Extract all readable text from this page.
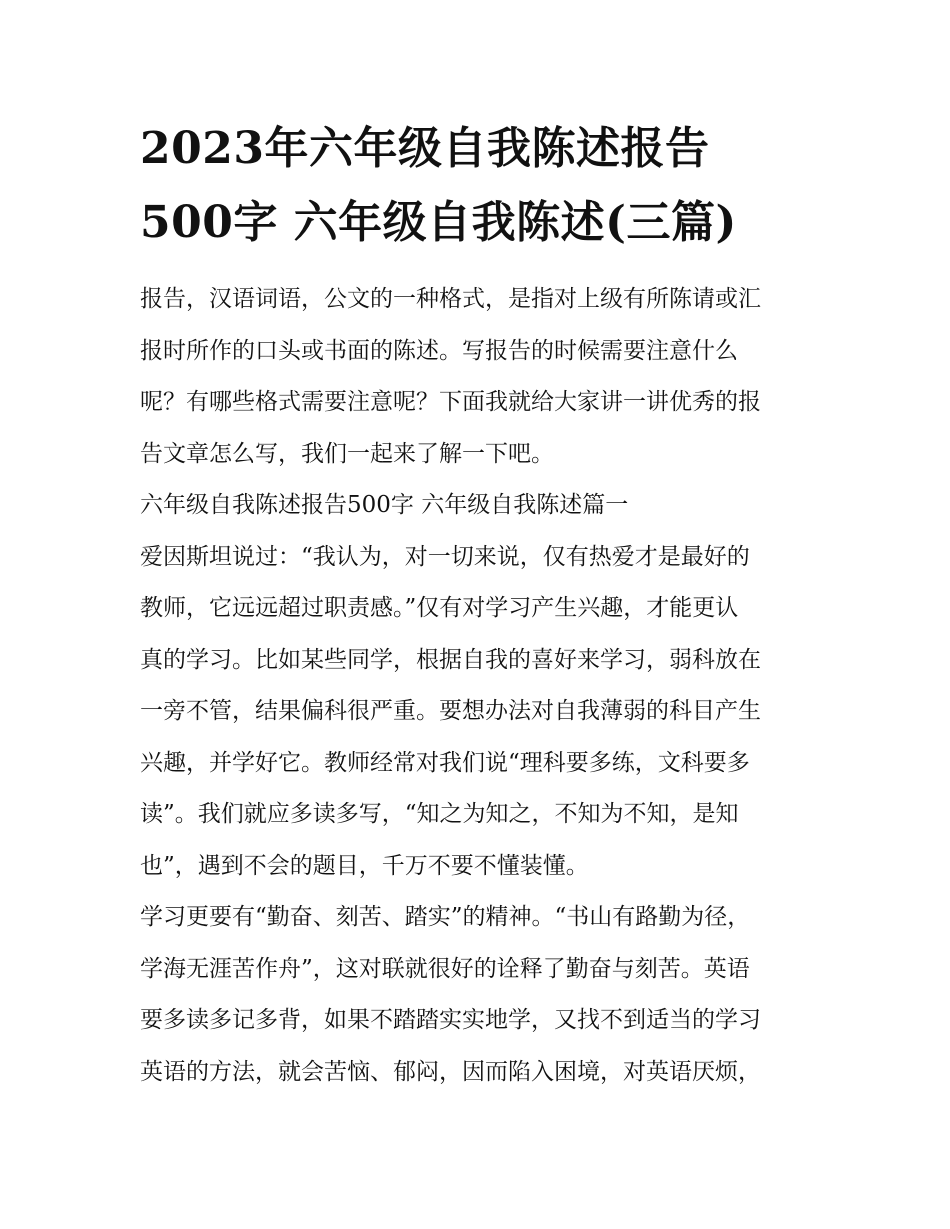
2023年六年级自我陈述报告
500字 六年级自我陈述(三篇)
报告，汉语词语，公文的一种格式，是指对上级有所陈请或汇
报时所作的口头或书面的陈述。写报告的时候需要注意什么
呢？有哪些格式需要注意呢？下面我就给大家讲一讲优秀的报
告文章怎么写，我们一起来了解一下吧。
六年级自我陈述报告500字 六年级自我陈述篇一
爱因斯坦说过：“我认为，对一切来说，仅有热爱才是最好的
教师，它远远超过职责感。”仅有对学习产生兴趣，才能更认
真的学习。比如某些同学，根据自我的喜好来学习，弱科放在
一旁不管，结果偏科很严重。要想办法对自我薄弱的科目产生
兴趣，并学好它。教师经常对我们说“理科要多练，文科要多
读”。我们就应多读多写，“知之为知之，不知为不知，是知
也”，遇到不会的题目，千万不要不懂装懂。
学习更要有“勤奋、刻苦、踏实”的精神。“书山有路勤为径，
学海无涯苦作舟”，这对联就很好的诠释了勤奋与刻苦。英语
要多读多记多背，如果不踏踏实实地学，又找不到适当的学习
英语的方法，就会苦恼、郁闷，因而陷入困境，对英语厌烦，
